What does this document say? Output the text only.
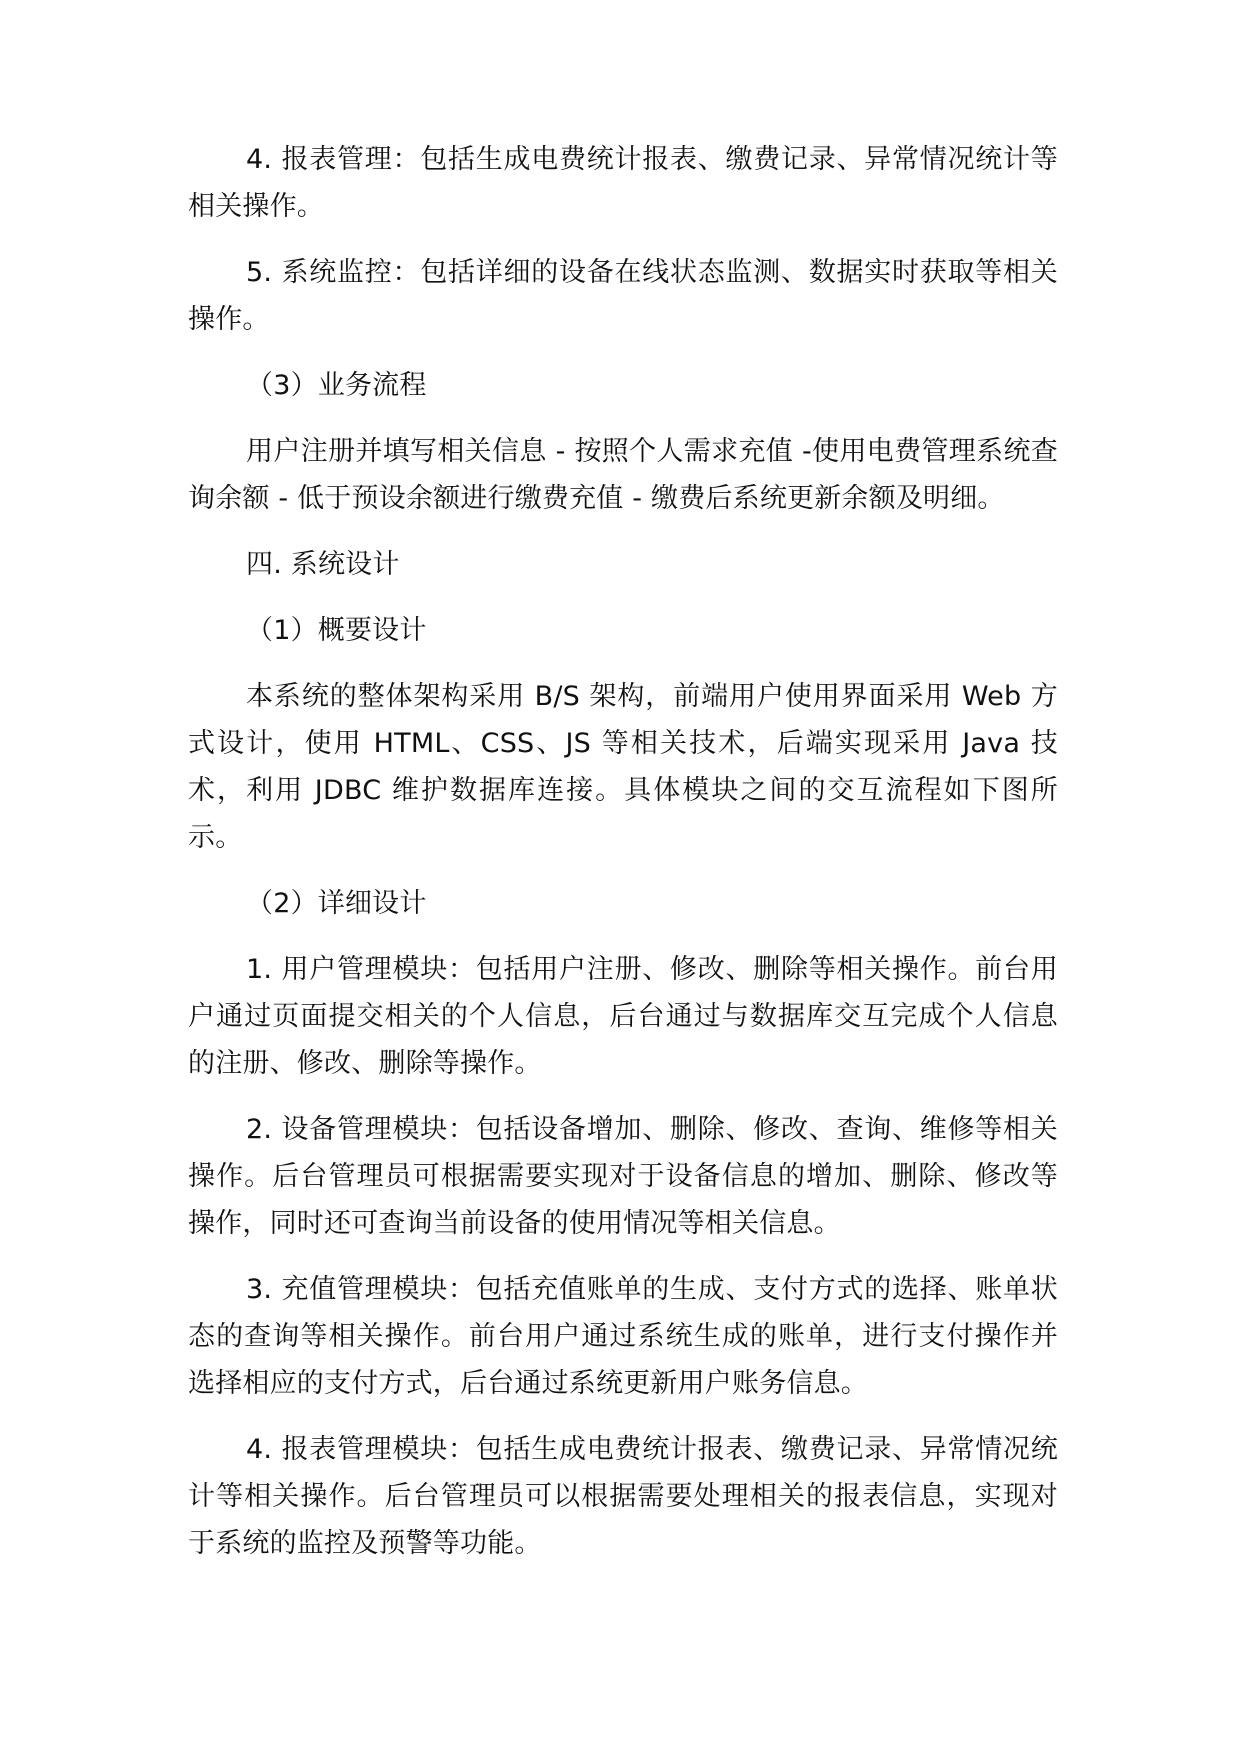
4. 报表管理：包括生成电费统计报表、缴费记录、异常情况统计等相关操作。

5. 系统监控：包括详细的设备在线状态监测、数据实时获取等相关操作。

（3）业务流程

用户注册并填写相关信息 - 按照个人需求充值 -使用电费管理系统查询余额 - 低于预设余额进行缴费充值 - 缴费后系统更新余额及明细。

四. 系统设计

（1）概要设计

本系统的整体架构采用 B/S 架构，前端用户使用界面采用 Web 方式设计，使用 HTML、CSS、JS 等相关技术，后端实现采用 Java 技术，利用 JDBC 维护数据库连接。具体模块之间的交互流程如下图所示。

（2）详细设计

1. 用户管理模块：包括用户注册、修改、删除等相关操作。前台用户通过页面提交相关的个人信息，后台通过与数据库交互完成个人信息的注册、修改、删除等操作。

2. 设备管理模块：包括设备增加、删除、修改、查询、维修等相关操作。后台管理员可根据需要实现对于设备信息的增加、删除、修改等操作，同时还可查询当前设备的使用情况等相关信息。

3. 充值管理模块：包括充值账单的生成、支付方式的选择、账单状态的查询等相关操作。前台用户通过系统生成的账单，进行支付操作并选择相应的支付方式，后台通过系统更新用户账务信息。

4. 报表管理模块：包括生成电费统计报表、缴费记录、异常情况统计等相关操作。后台管理员可以根据需要处理相关的报表信息，实现对于系统的监控及预警等功能。
